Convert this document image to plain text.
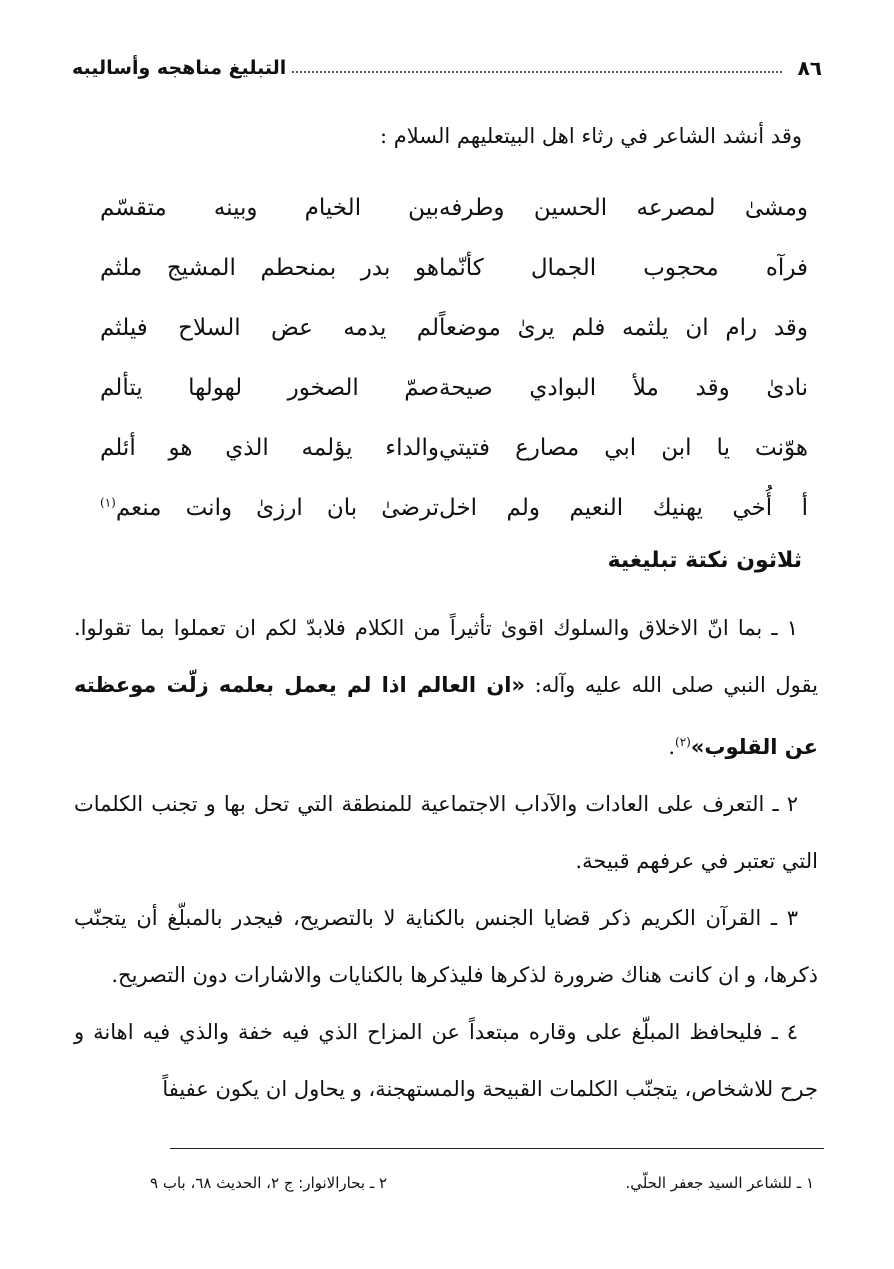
٨٦
التبليغ مناهجه وأساليبه
وقد أنشد الشاعر في رثاء اهل البيتعليهم السلام :
ومشىٰ لمصرعه الحسين وطرفه
بين الخيام وبينه متقسّم
فرآه محجوب الجمال كأنّما
هو بدر بمنحطم المشيج ملثم
وقد رام ان يلثمه فلم يرىٰ موضعاً
لم يدمه عض السلاح فيلثم
نادىٰ وقد ملأ البوادي صيحة
صمّ الصخور لهولها يتألم
هوّنت يا ابن ابي مصارع فتيتي
والداء يؤلمه الذي هو أئلم
أ أُخي يهنيك النعيم ولم اخل
ترضىٰ بان ارزىٰ وانت منعم$^{(١)}$
ثلاثون نكتة تبليغية

١ ـ بما انّ الاخلاق والسلوك اقوىٰ تأثيراً من الكلام فلابدّ لكم ان تعملوا بما تقولوا. يقول النبي صلى الله عليه وآله: «ان العالم اذا لم يعمل بعلمه زلّت موعظته عن القلوب»$^{(٢)}$.

٢ ـ التعرف على العادات والآداب الاجتماعية للمنطقة التي تحل بها و تجنب الكلمات التي تعتبر في عرفهم قبيحة.

٣ ـ القرآن الكريم ذكر قضايا الجنس بالكناية لا بالتصريح، فيجدر بالمبلّغ أن يتجنّب ذكرها، و ان كانت هناك ضرورة لذكرها فليذكرها بالكنايات والاشارات دون التصريح.

٤ ـ فليحافظ المبلّغ على وقاره مبتعداً عن المزاح الذي فيه خفة والذي فيه اهانة و جرح للاشخاص، يتجنّب الكلمات القبيحة والمستهجنة، و يحاول ان يكون عفيفاً

١ ـ للشاعر السيد جعفر الحلّي.
٢ ـ بحارالانوار: ج ٢، الحديث ٦٨، باب ٩
